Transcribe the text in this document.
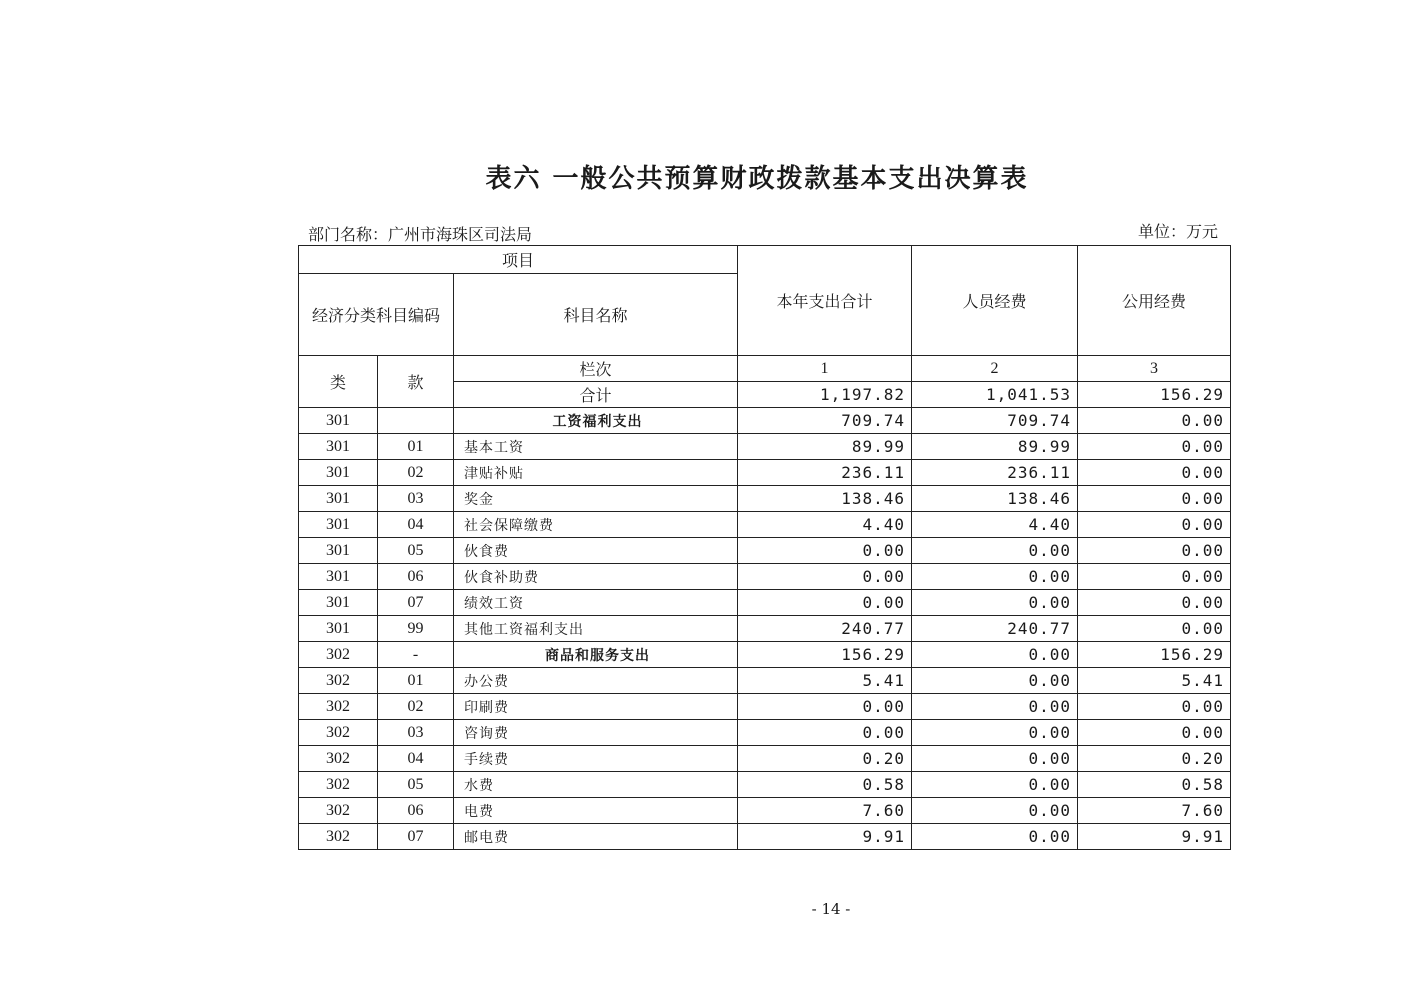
表六 一般公共预算财政拨款基本支出决算表
部门名称：广州市海珠区司法局	单位：万元
项目			本年支出合计	人员经费	公用经费
经济分类科目编码		科目名称			
类	款	栏次	1	2	3
		合计	1,197.82	1,041.53	156.29
301		工资福利支出	709.74	709.74	0.00
301	01	基本工资	89.99	89.99	0.00
301	02	津贴补贴	236.11	236.11	0.00
301	03	奖金	138.46	138.46	0.00
301	04	社会保障缴费	4.40	4.40	0.00
301	05	伙食费	0.00	0.00	0.00
301	06	伙食补助费	0.00	0.00	0.00
301	07	绩效工资	0.00	0.00	0.00
301	99	其他工资福利支出	240.77	240.77	0.00
302	-	商品和服务支出	156.29	0.00	156.29
302	01	办公费	5.41	0.00	5.41
302	02	印刷费	0.00	0.00	0.00
302	03	咨询费	0.00	0.00	0.00
302	04	手续费	0.20	0.00	0.20
302	05	水费	0.58	0.00	0.58
302	06	电费	7.60	0.00	7.60
302	07	邮电费	9.91	0.00	9.91
- 14 -
